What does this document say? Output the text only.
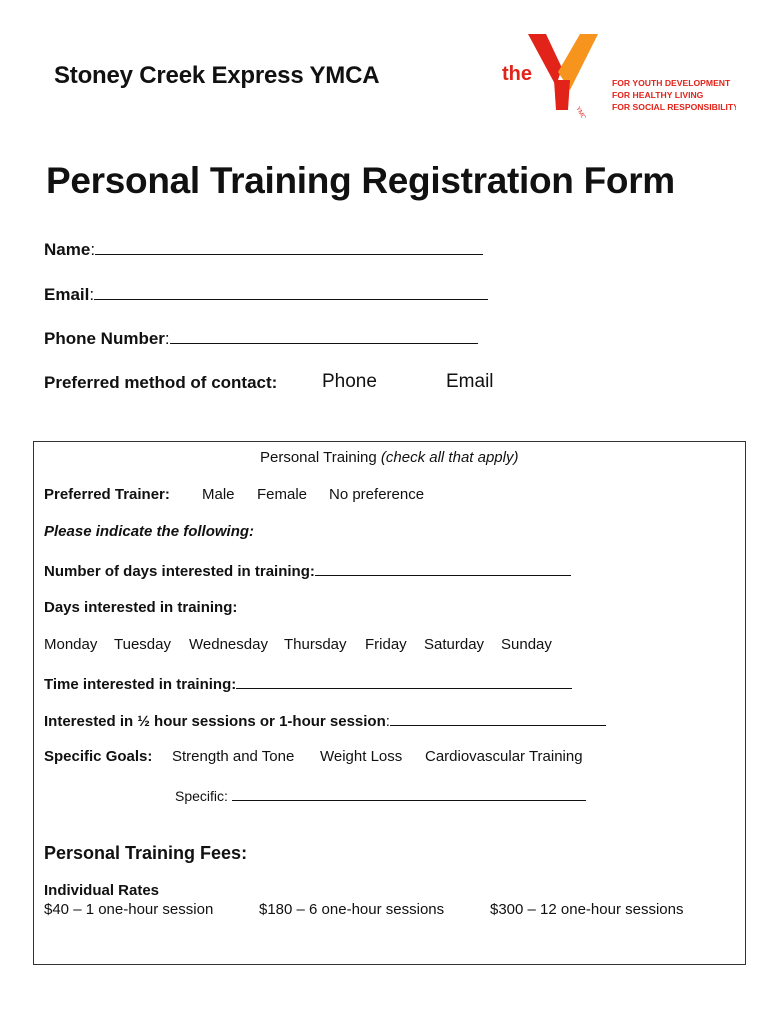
Stoney Creek Express YMCA	the
YMCA
FOR YOUTH DEVELOPMENT
FOR HEALTHY LIVING
FOR SOCIAL RESPONSIBILITY
Personal Training Registration Form
Name:
Email:
Phone Number:
Preferred method of contact: Phone	Email
Personal Training (check all that apply)
Preferred Trainer: Male Female No preference
Please indicate the following:
Number of days interested in training:
Days interested in training:
Monday Tuesday Wednesday Thursday Friday Saturday Sunday
Time interested in training:
Interested in ½ hour sessions or 1-hour session:
Specific Goals: Strength and Tone Weight Loss Cardiovascular Training
Specific:
Personal Training Fees:
Individual Rates
$40 – 1 one-hour session	$180 – 6 one-hour sessions	$300 – 12 one-hour sessions
